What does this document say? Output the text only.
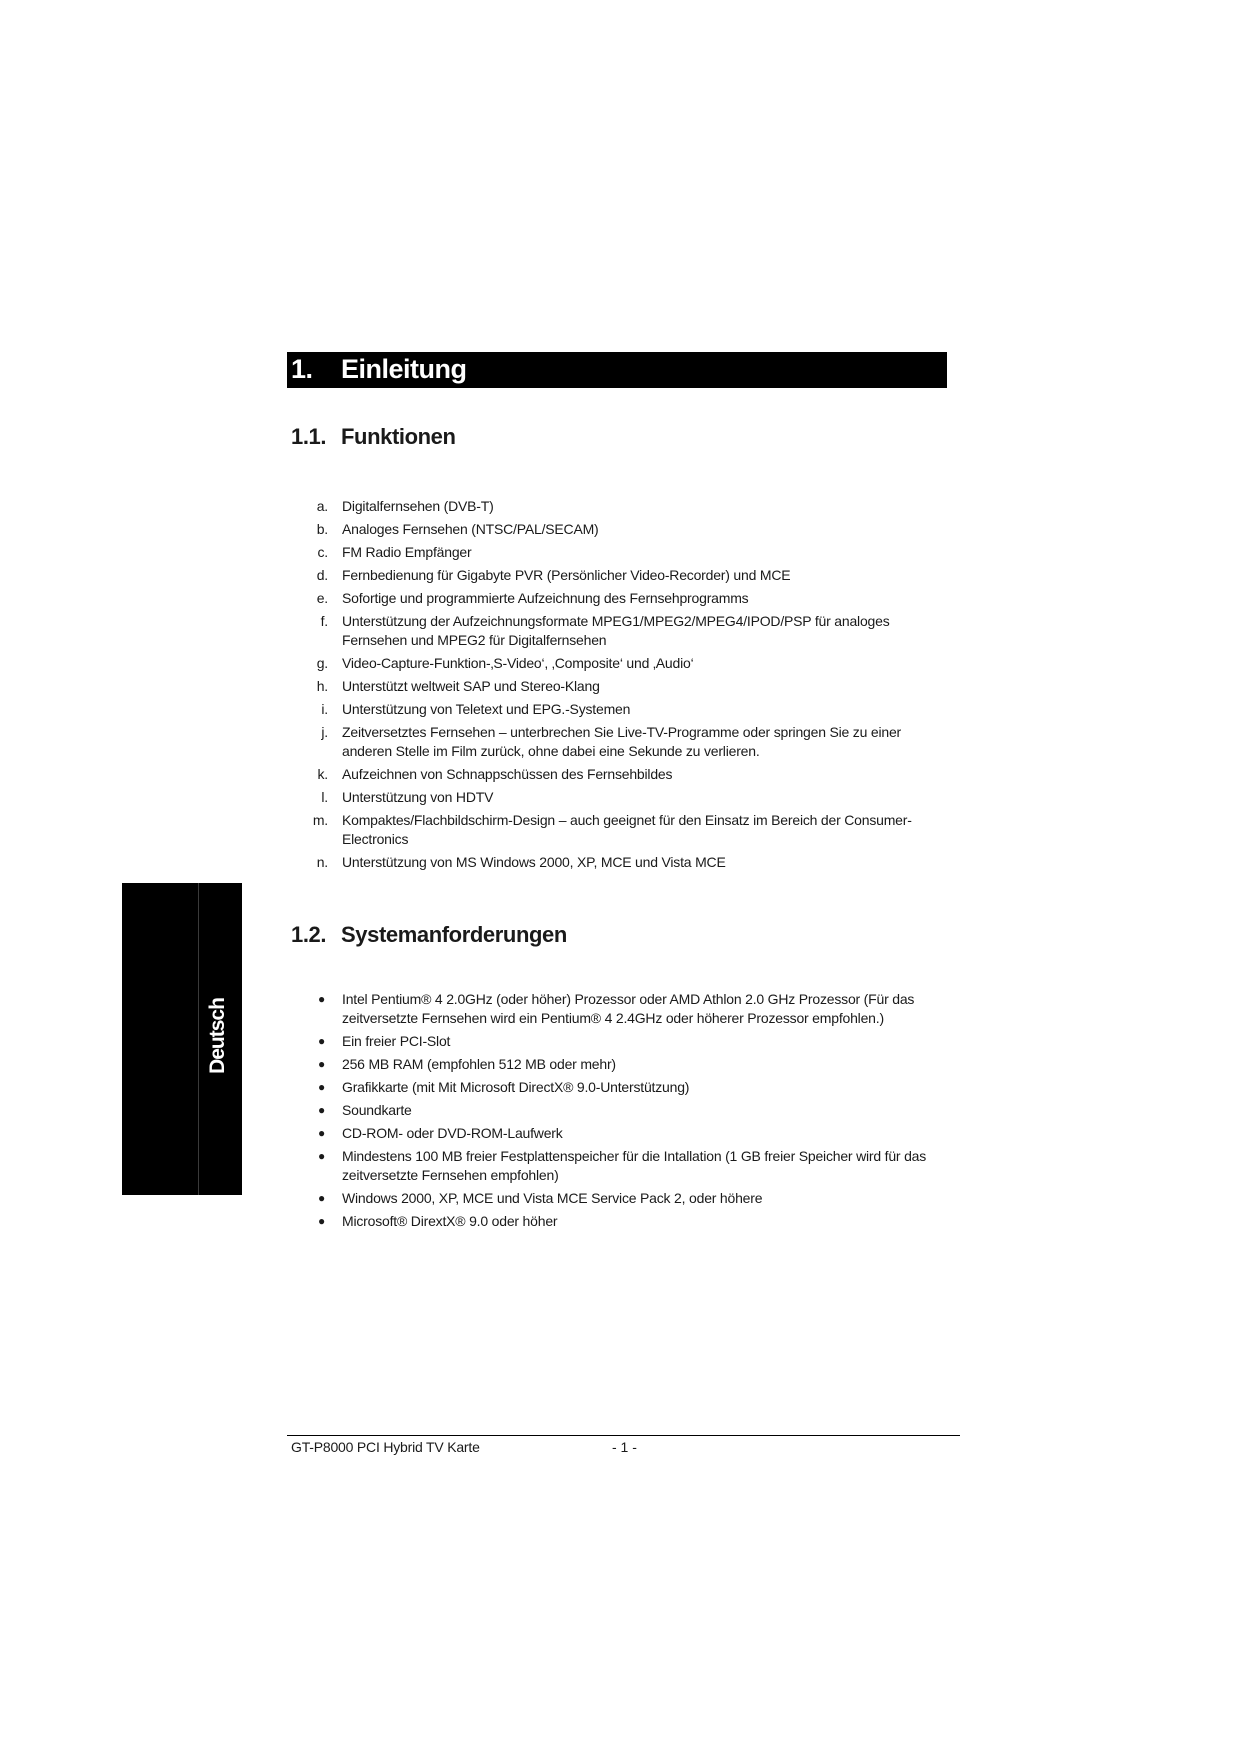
1. Einleitung
1.1. Funktionen
a.	Digitalfernsehen (DVB-T)
b.	Analoges Fernsehen (NTSC/PAL/SECAM)
c.	FM Radio Empfänger
d.	Fernbedienung für Gigabyte PVR (Persönlicher Video-Recorder) und MCE
e.	Sofortige und programmierte Aufzeichnung des Fernsehprogramms
f.	Unterstützung der Aufzeichnungsformate MPEG1/MPEG2/MPEG4/IPOD/PSP für analoges Fernsehen und MPEG2 für Digitalfernsehen
g.	Video-Capture-Funktion-‚S-Video‘, ‚Composite‘ und ‚Audio‘
h.	Unterstützt weltweit SAP und Stereo-Klang
i.	Unterstützung von Teletext und EPG.-Systemen
j.	Zeitversetztes Fernsehen – unterbrechen Sie Live-TV-Programme oder springen Sie zu einer anderen Stelle im Film zurück, ohne dabei eine Sekunde zu verlieren.
k.	Aufzeichnen von Schnappschüssen des Fernsehbildes
l.	Unterstützung von HDTV
m.	Kompaktes/Flachbildschirm-Design – auch geeignet für den Einsatz im Bereich der Consumer-Electronics
n.	Unterstützung von MS Windows 2000, XP, MCE und Vista MCE
1.2. Systemanforderungen
●	Intel Pentium® 4 2.0GHz (oder höher) Prozessor oder AMD Athlon 2.0 GHz Prozessor (Für das zeitversetzte Fernsehen wird ein Pentium® 4 2.4GHz oder höherer Prozessor empfohlen.)
●	Ein freier PCI-Slot
●	256 MB RAM (empfohlen 512 MB oder mehr)
●	Grafikkarte (mit Mit Microsoft DirectX® 9.0-Unterstützung)
●	Soundkarte
●	CD-ROM- oder DVD-ROM-Laufwerk
●	Mindestens 100 MB freier Festplattenspeicher für die Intallation (1 GB freier Speicher wird für das zeitversetzte Fernsehen empfohlen)
●	Windows 2000, XP, MCE und Vista MCE Service Pack 2, oder höhere
●	Microsoft® DirextX® 9.0 oder höher
Deutsch
GT-P8000 PCI Hybrid TV Karte	- 1 -
